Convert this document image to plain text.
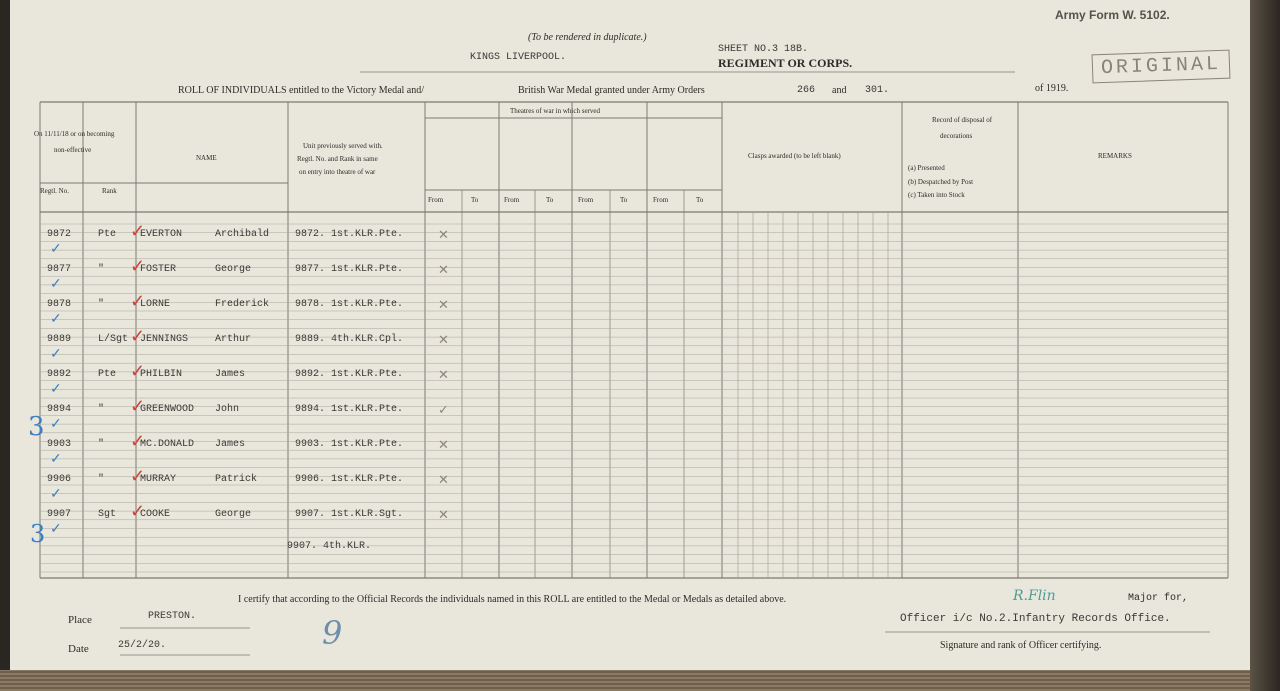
Army Form W. 5102.
(To be rendered in duplicate.)
KINGS LIVERPOOL.
SHEET NO.3 18B.
REGIMENT OR CORPS.	ORIGINAL
ROLL OF INDIVIDUALS entitled to the Victory Medal and/	British War Medal granted under Army Orders	266 and 301.	of 1919.
On 11/11/18 or on becoming
non-effective
Regtl. No.	Rank
NAME
Unit previously served with.
Regtl. No. and Rank in same
on entry into theatre of war
Theatres of war in which served
From	To	From	To	From	To	From	To
Clasps awarded (to be left blank)
Record of disposal of
decorations
(a) Presented
(b) Despatched by Post
(c) Taken into Stock
REMARKS
9872	Pte EVERTON	Archibald	9872. 1st.KLR.Pte.	✕
✓
✓
9877	"	FOSTER	George	9877. 1st.KLR.Pte.	✕
✓
✓
9878	"	LORNE	Frederick	9878. 1st.KLR.Pte.	✕
✓
✓
9889	L/Sgt JENNINGS	Arthur	9889. 4th.KLR.Cpl.	✕
✓
✓
9892	Pte PHILBIN	James	9892. 1st.KLR.Pte.	✕
✓
✓
9894	"	GREENWOOD John	9894. 1st.KLR.Pte.	✓
✓
✓
9903	"	MC.DONALD James	9903. 1st.KLR.Pte.	✕
✓
✓
9906	"	MURRAY	Patrick	9906. 1st.KLR.Pte.	✕
✓
✓
9907	Sgt COOKE	George	9907. 1st.KLR.Sgt.	✕
✓
✓
9907. 4th.KLR.
3
3
I certify that according to the Official Records the individuals named in this ROLL are entitled to the Medal or Medals as detailed above.	R.Flin	Major for,
Place	PRESTON.
Date	25/2/20.	9	Officer i/c No.2.Infantry Records Office.
Signature and rank of Officer certifying.
